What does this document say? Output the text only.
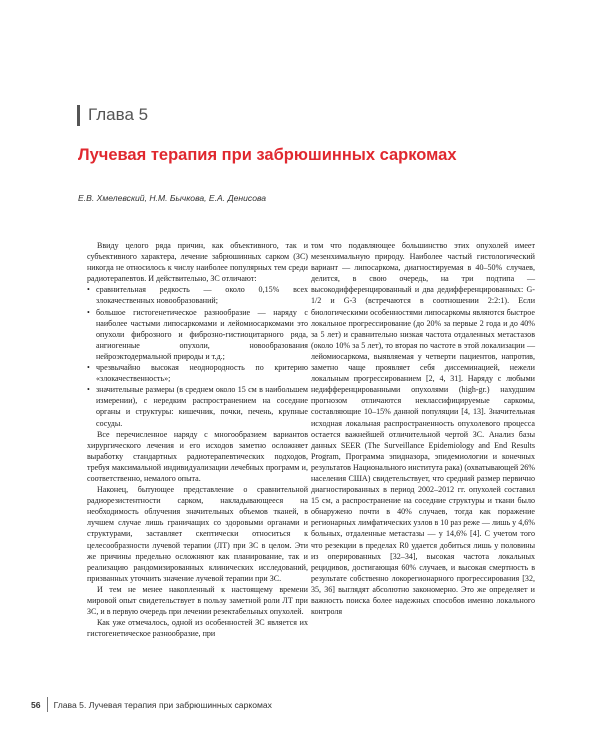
Глава 5
Лучевая терапия при забрюшинных саркомах
Е.В. Хмелевский, Н.М. Бычкова, Е.А. Денисова

Ввиду целого ряда причин, как объективного, так и субъективного характера, лечение забрюшинных сарком (ЗС) никогда не относилось к числу наиболее популярных тем среди радиотерапевтов. И действительно, ЗС отличают:

• сравнительная редкость — около 0,15% всех злокачественных новообразований;
• большое гистогенетическое разнообразие — наряду с наиболее частыми липосаркомами и лейомиосаркомами это опухоли фиброзного и фиброзно-гистиоцитарного ряда, ангиогенные опухоли, новообразования нейроэктодермальной природы и т.д.;
• чрезвычайно высокая неоднородность по критерию «злокачественность»;
• значительные размеры (в среднем около 15 см в наибольшем измерении), с нередким распространением на соседние органы и структуры: кишечник, почки, печень, крупные сосуды.

Все перечисленное наряду с многообразием вариантов хирургического лечения и его исходов заметно осложняет выработку стандартных радиотерапевтических подходов, требуя максимальной индивидуализации лечебных программ и, соответственно, немалого опыта.

Наконец, бытующее представление о сравнительной радиорезистентности сарком, накладывающееся на необходимость облучения значительных объемов тканей, в лучшем случае лишь граничащих со здоровыми органами и структурами, заставляет скептически относиться к целесообразности лучевой терапии (ЛТ) при ЗС в целом. Эти же причины предельно осложняют как планирование, так и реализацию рандомизированных клинических исследований, призванных уточнить значение лучевой терапии при ЗС.

И тем не менее накопленный к настоящему времени мировой опыт свидетельствует в пользу заметной роли ЛТ при ЗС, и в первую очередь при лечении резектабельных опухолей.

Как уже отмечалось, одной из особенностей ЗС является их гистогенетическое разнообразие, при

том что подавляющее большинство этих опухолей имеет мезенхимальную природу. Наиболее частый гистологический вариант — липосаркома, диагностируемая в 40–50% случаев, делится, в свою очередь, на три подтипа — высокодифференцированный и два дедифференцированных: G-1/2 и G-3 (встречаются в соотношении 2:2:1). Если биологическими особенностями липосаркомы являются быстрое локальное прогрессирование (до 20% за первые 2 года и до 40% за 5 лет) и сравнительно низкая частота отдаленных метастазов (около 10% за 5 лет), то вторая по частоте в этой локализации — лейомиосаркома, выявляемая у четверти пациентов, напротив, заметно чаще проявляет себя диссеминацией, нежели локальным прогрессированием [2, 4, 31]. Наряду с любыми недифференцированными опухолями (high-gr.) нахудшим прогнозом отличаются неклассифицируемые саркомы, составляющие 10–15% данной популяции [4, 13]. Значительная исходная локальная распространенность опухолевого процесса остается важнейшей отличительной чертой ЗС. Анализ базы данных SEER (The Surveillance Epidemiology and End Results Program, Программа эпидназора, эпидемиологии и конечных результатов Национального института рака) (охватывающей 26% населения США) свидетельствует, что средний размер первично диагностированных в период 2002–2012 гг. опухолей составил 15 см, а распространение на соседние структуры и ткани было обнаружено почти в 40% случаев, тогда как поражение регионарных лимфатических узлов в 10 раз реже — лишь у 4,6% больных, отдаленные метастазы — у 14,6% [4]. С учетом того что резекции в пределах R0 удается добиться лишь у половины из оперированных [32–34], высокая частота локальных рецидивов, достигающая 60% случаев, и высокая смертность в результате собственно локорегионарного прогрессирования [32, 35, 36] выглядят абсолютно закономерно. Это же определяет и важность поиска более надежных способов именно локального контроля

56 Глава 5. Лучевая терапия при забрюшинных саркомах
